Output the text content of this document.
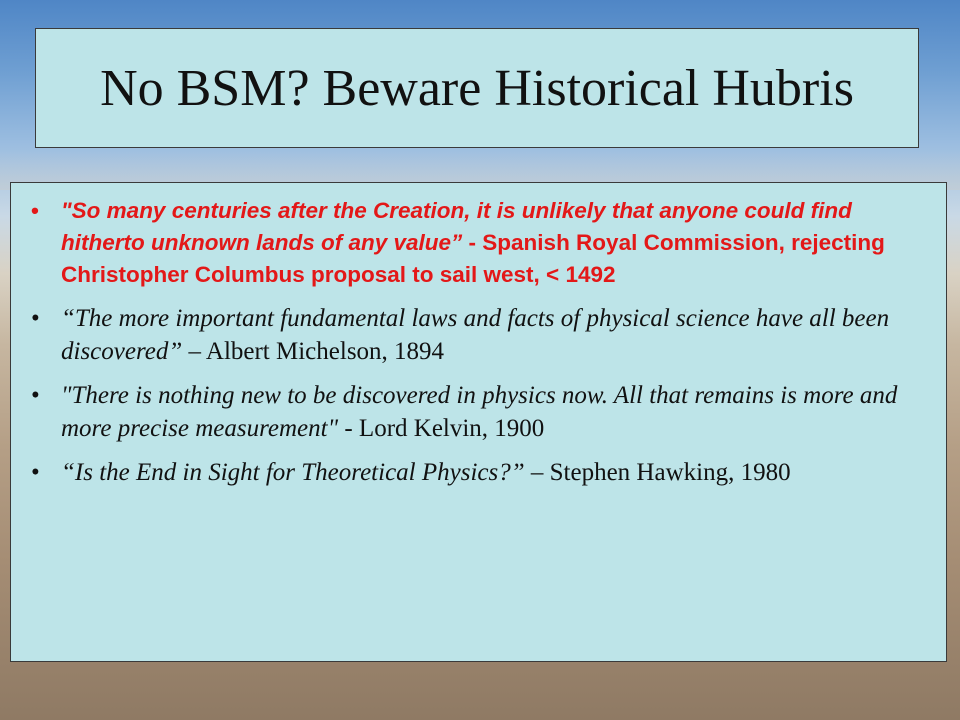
No BSM? Beware Historical Hubris
• "So many centuries after the Creation, it is unlikely that anyone could find hitherto unknown lands of any value” - Spanish Royal Commission, rejecting Christopher Columbus proposal to sail west, < 1492
• “The more important fundamental laws and facts of physical science have all been discovered” – Albert Michelson, 1894
• "There is nothing new to be discovered in physics now. All that remains is more and more precise measurement" - Lord Kelvin, 1900
• “Is the End in Sight for Theoretical Physics?” – Stephen Hawking, 1980
